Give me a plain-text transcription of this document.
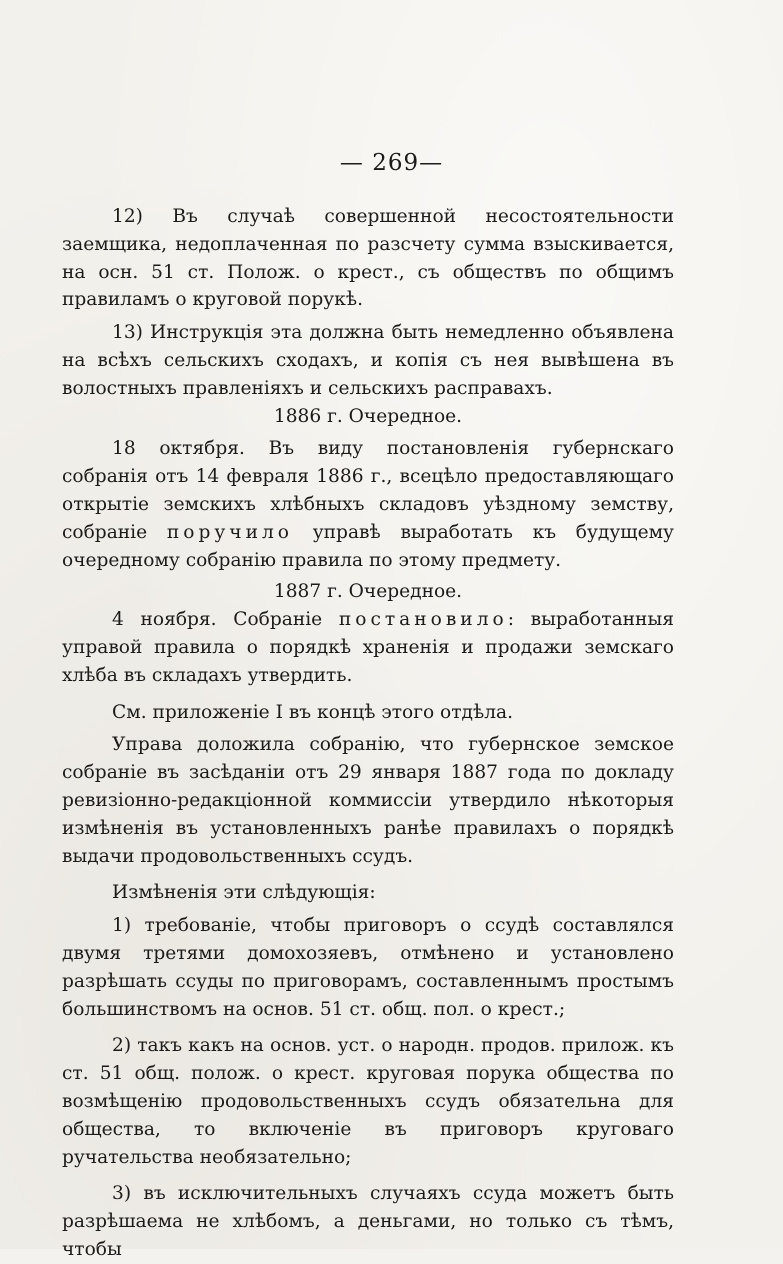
— 269—

12) Въ случаѣ совершенной несостоятельности заемщика, недоплаченная по разсчету сумма взыскивается, на осн. 51 ст. Полож. о крест., съ обществъ по общимъ правиламъ о круговой порукѣ.

13) Инструкція эта должна быть немедленно объявлена на всѣхъ сельскихъ сходахъ, и копія съ нея вывѣшена въ волостныхъ правленіяхъ и сельскихъ расправахъ.

1886 г. Очередное.

18 октября. Въ виду постановленія губернскаго собранія отъ 14 февраля 1886 г., всецѣло предоставляющаго открытіе земскихъ хлѣбныхъ складовъ уѣздному земству, собраніе поручило управѣ выработать къ будущему очередному собранію правила по этому предмету.

1887 г. Очередное.

4 ноября. Собраніе постановило: выработанныя управой правила о порядкѣ храненія и продажи земскаго хлѣба въ складахъ утвердить.

См. приложеніе I въ концѣ этого отдѣла.

Управа доложила собранію, что губернское земское собраніе въ засѣданіи отъ 29 января 1887 года по докладу ревизіонно-редакціонной коммиссіи утвердило нѣкоторыя измѣненія въ установленныхъ ранѣе правилахъ о порядкѣ выдачи продовольственныхъ ссудъ.

Измѣненія эти слѣдующія:

1) требованіе, чтобы приговоръ о ссудѣ составлялся двумя третями домохозяевъ, отмѣнено и установлено разрѣшать ссуды по приговорамъ, составленнымъ простымъ большинствомъ на основ. 51 ст. общ. пол. о крест.;

2) такъ какъ на основ. уст. о народн. продов. прилож. къ ст. 51 общ. полож. о крест. круговая порука общества по возмѣщенію продовольственныхъ ссудъ обязательна для общества, то включеніе въ приговоръ круговаго ручательства необязательно;

3) въ исключительныхъ случаяхъ ссуда можетъ быть разрѣшаема не хлѣбомъ, а деньгами, но только съ тѣмъ, чтобы
